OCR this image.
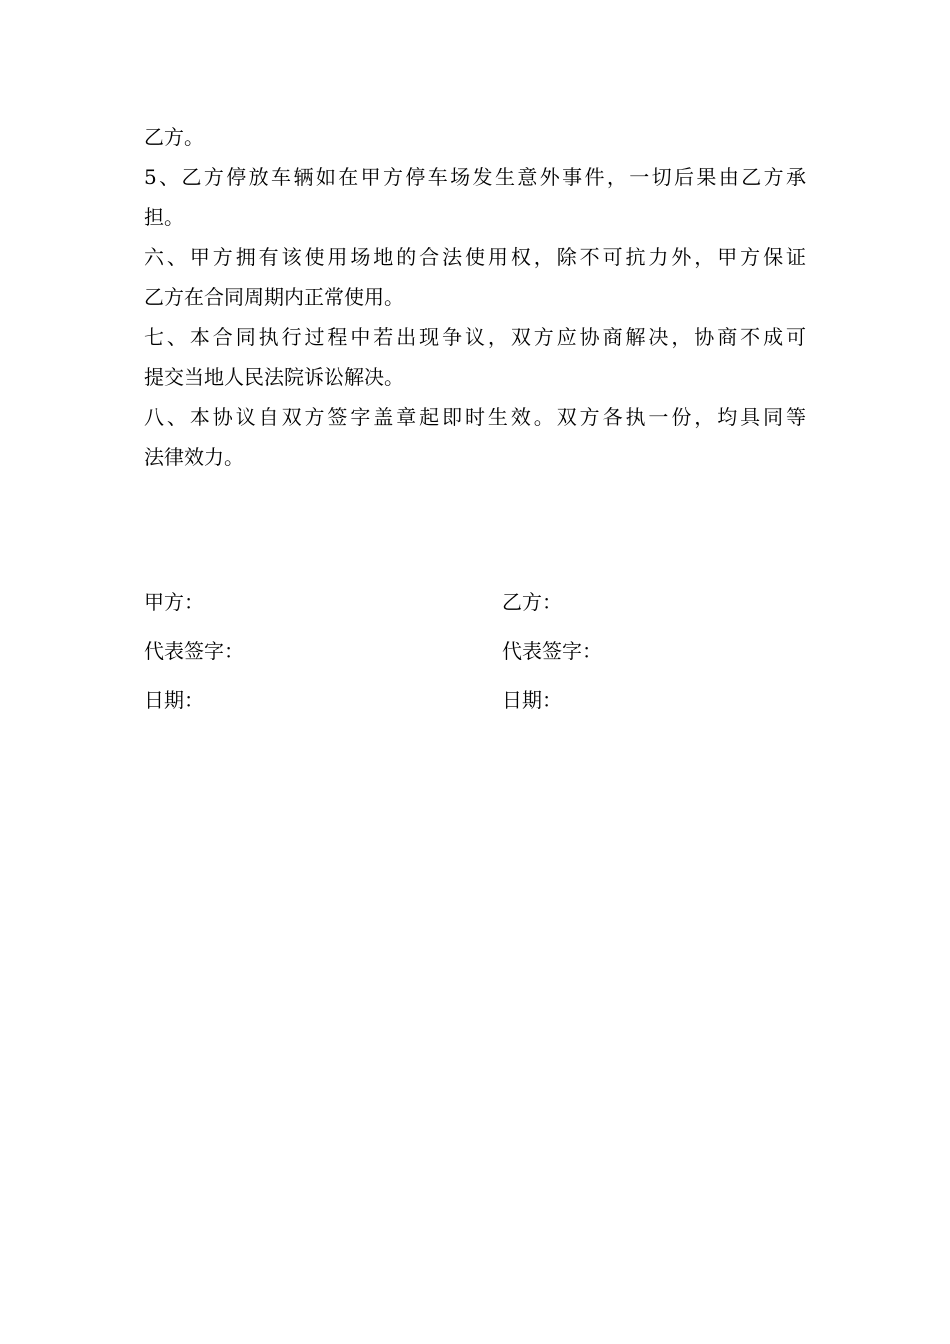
乙方。
5、乙方停放车辆如在甲方停车场发生意外事件，一切后果由乙方承
担。
六、甲方拥有该使用场地的合法使用权，除不可抗力外，甲方保证
乙方在合同周期内正常使用。
七、本合同执行过程中若出现争议，双方应协商解决，协商不成可
提交当地人民法院诉讼解决。
八、本协议自双方签字盖章起即时生效。双方各执一份，均具同等
法律效力。
甲方：	乙方：
代表签字：	代表签字：
日期：	日期：
